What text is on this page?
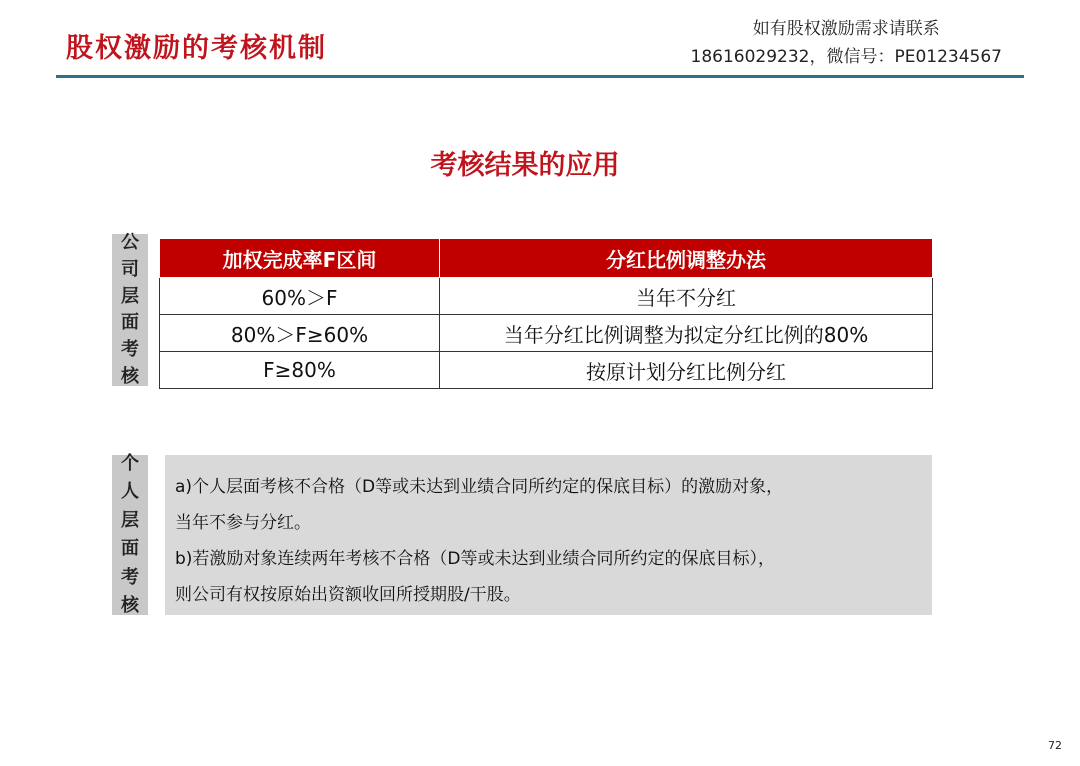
股权激励的考核机制
如有股权激励需求请联系
18616029232，微信号：PE01234567
考核结果的应用
公
司
层
面
考
核
加权完成率F区间	分红比例调整办法
60%＞F	当年不分红
80%＞F≥60%	当年分红比例调整为拟定分红比例的80%
F≥80%	按原计划分红比例分红
个
人
层
面
考
核

a)个人层面考核不合格（D等或未达到业绩合同所约定的保底目标）的激励对象，

当年不参与分红。

b)若激励对象连续两年考核不合格（D等或未达到业绩合同所约定的保底目标），

则公司有权按原始出资额收回所授期股/干股。

72
